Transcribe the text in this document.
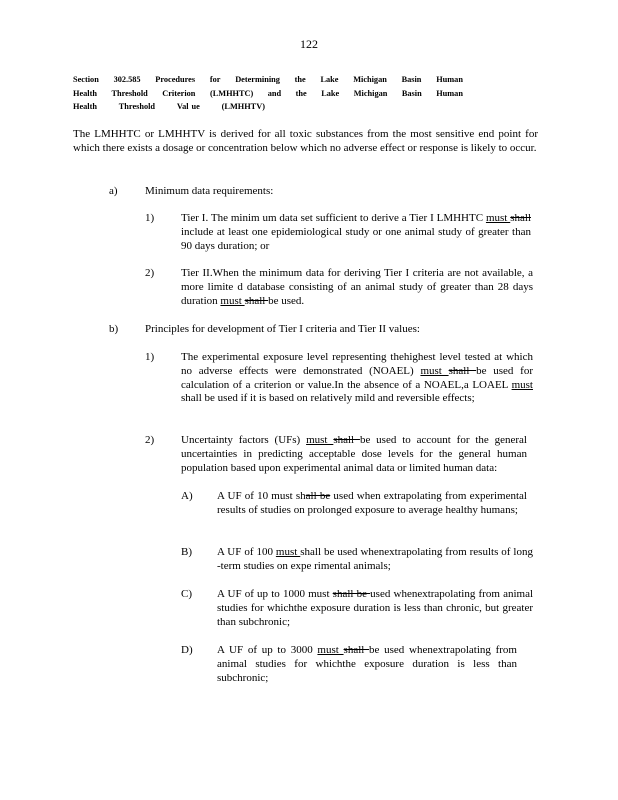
122
Section 302.585 Procedures for Determining the Lake Michigan Basin Human
Health Threshold Criterion (LMHHTC) and the Lake Michigan Basin Human
Health	Threshold	Val ue	(LMHHTV)
The LMHHTC or LMHHTV is derived for all toxic substances from the most sensitive end point for which there exists a dosage or concentration below which no adverse effect or response is likely to occur.
a) Minimum data requirements:
1) Tier I. The minim um data set sufficient to derive a Tier I LMHHTC must shall include at least one epidemiological study or one animal study of greater than 90 days duration; or
2) Tier II.When the minimum data for deriving Tier I criteria are not available, a more limite d database consisting of an animal study of greater than 28 days duration must shall be used.
b) Principles for development of Tier I criteria and Tier II values:
1) The experimental exposure level representing thehighest level tested at which no adverse effects were demonstrated (NOAEL) must shall be used for calculation of a criterion or value.In the absence of a NOAEL,a LOAEL must shall be used if it is based on relatively mild and reversible effects;
2) Uncertainty factors (UFs) must shall be used to account for the general uncertainties in predicting acceptable dose levels for the general human population based upon experimental animal data or limited human data:
A) A UF of 10 must shall be used when extrapolating from experimental results of studies on prolonged exposure to average healthy humans;
B) A UF of 100 must shall be used whenextrapolating from results of long -term studies on expe rimental animals;
C) A UF of up to 1000 must shall be used whenextrapolating from animal studies for whichthe exposure duration is less than chronic, but greater than subchronic;
D) A UF of up to 3000 must shall be used whenextrapolating from animal studies for whichthe exposure duration is less than subchronic;
